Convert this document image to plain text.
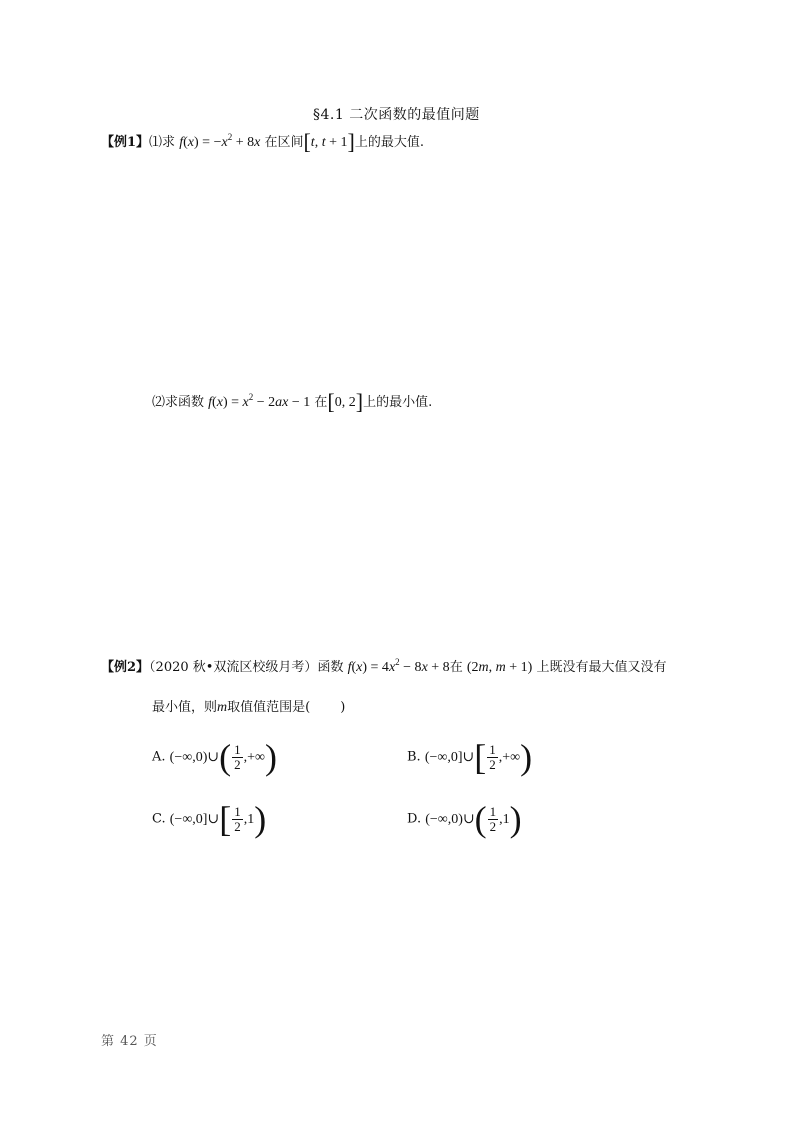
§4.1 二次函数的最值问题
【例1】⑴求 $f(x) = -x^2 + 8x$ 在区间[t, t + 1]上的最大值.
⑵求函数 $f(x) = x^2 - 2ax - 1$ 在[0, 2]上的最小值.
【例2】（2020 秋•双流区校级月考）函数 $f(x) = 4x^2 - 8x + 8$在 (2m, m + 1) 上既没有最大值又没有
最小值，则m取值值范围是( )
A. (−∞,0)∪( $\frac{1}{2}$ ,+∞)	B. (−∞,0]∪[ $\frac{1}{2}$ ,+∞)
C. (−∞,0]∪[ $\frac{1}{2} ,1$)	D. (−∞,0)∪( $\frac{1}{2} ,1$)
第 42 页
